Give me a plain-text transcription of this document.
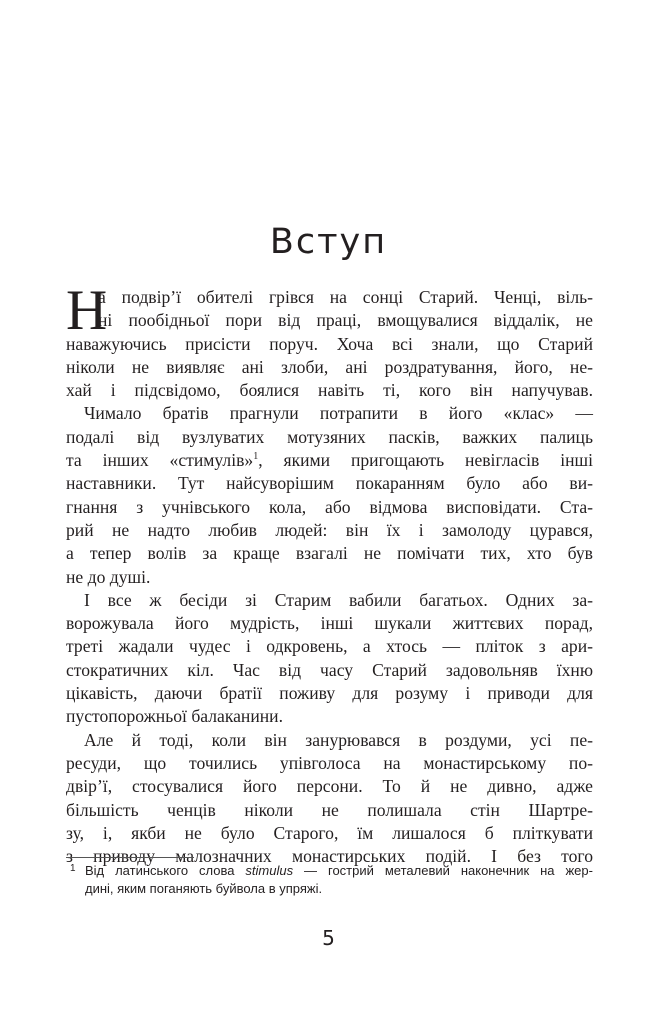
Вступ
Н
а подвір’ї обителі грівся на сонці Старий. Ченці, віль-
ні пообідньої пори від праці, вмощувалися віддалік, не
наважуючись присісти поруч. Хоча всі знали, що Старий
ніколи не виявляє ані злоби, ані роздратування, його, не-
хай і підсвідомо, боялися навіть ті, кого він напучував.
Чимало братів прагнули потрапити в його «клас» —
подалі від вузлуватих мотузяних пасків, важких палиць
та інших «стимулів»$^1$, якими пригощають невігласів інші
наставники. Тут найсуворішим покаранням було або ви-
гнання з учнівського кола, або відмова висповідати. Ста-
рий не надто любив людей: він їх і замолоду цурався,
а тепер волів за краще взагалі не помічати тих, хто був
не до душі.
І все ж бесіди зі Старим вабили багатьох. Одних за-
ворожувала його мудрість, інші шукали життєвих порад,
треті жадали чудес і одкровень, а хтось — пліток з ари-
стократичних кіл. Час від часу Старий задовольняв їхню
цікавість, даючи братії поживу для розуму і приводи для
пустопорожньої балаканини.
Але й тоді, коли він занурювався в роздуми, усі пе-
ресуди, що точились упівголоса на монастирському по-
двір’ї, стосувалися його персони. То й не дивно, адже
більшість ченців ніколи не полишала стін Шартре-
зу, і, якби не було Старого, їм лишалося б пліткувати
з приводу малозначних монастирських подій. І без того
1 Від латинського слова stimulus — гострий металевий наконечник на жер-
дині, яким поганяють буйвола в упряжі.
5
